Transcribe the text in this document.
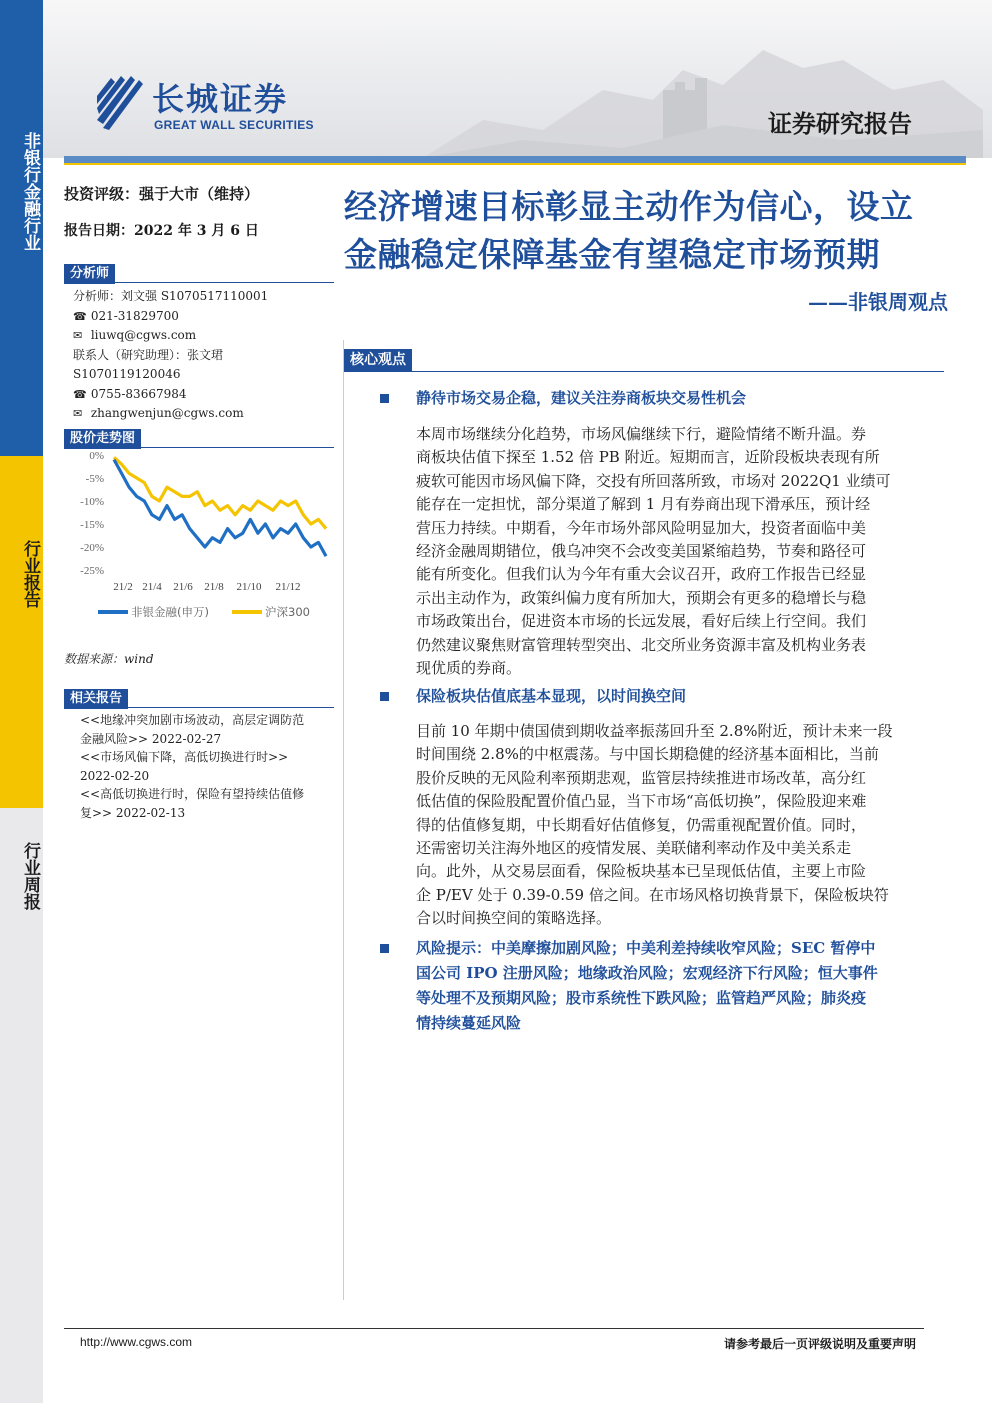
非银行金融行业
行业报告
行业周报
长城证券
GREAT WALL SECURITIES	证券研究报告
投资评级：强于大市（维持）
报告日期：2022 年 3 月 6 日
分析师
分析师：刘文强 S1070517110001
☎ 021-31829700
✉ liuwq@cgws.com
联系人（研究助理）：张文珺
S1070119120046
☎ 0755-83667984
✉ zhangwenjun@cgws.com
股价走势图
0%
-5%
-10%
-15%
-20%
-25%
21/2 21/4 21/6 21/8 21/10 21/12
非银金融(申万)	沪深300
数据来源：wind
相关报告
<<地缘冲突加剧市场波动，高层定调防范
金融风险>> 2022-02-27
<<市场风偏下降，高低切换进行时>>
2022-02-20
<<高低切换进行时，保险有望持续估值修
复>> 2022-02-13
经济增速目标彰显主动作为信心，设立
金融稳定保障基金有望稳定市场预期
——非银周观点
核心观点
静待市场交易企稳，建议关注券商板块交易性机会
本周市场继续分化趋势，市场风偏继续下行，避险情绪不断升温。券
商板块估值下探至 1.52 倍 PB 附近。短期而言，近阶段板块表现有所
疲软可能因市场风偏下降，交投有所回落所致，市场对 2022Q1 业绩可
能存在一定担忧，部分渠道了解到 1 月有券商出现下滑承压，预计经
营压力持续。中期看，今年市场外部风险明显加大，投资者面临中美
经济金融周期错位，俄乌冲突不会改变美国紧缩趋势，节奏和路径可
能有所变化。但我们认为今年有重大会议召开，政府工作报告已经显
示出主动作为，政策纠偏力度有所加大，预期会有更多的稳增长与稳
市场政策出台，促进资本市场的长远发展，看好后续上行空间。我们
仍然建议聚焦财富管理转型突出、北交所业务资源丰富及机构业务表
现优质的券商。
保险板块估值底基本显现，以时间换空间
目前 10 年期中债国债到期收益率振荡回升至 2.8%附近，预计未来一段
时间围绕 2.8%的中枢震荡。与中国长期稳健的经济基本面相比，当前
股价反映的无风险利率预期悲观，监管层持续推进市场改革，高分红
低估值的保险股配置价值凸显，当下市场“高低切换”，保险股迎来难
得的估值修复期，中长期看好估值修复，仍需重视配置价值。同时，
还需密切关注海外地区的疫情发展、美联储利率动作及中美关系走
向。此外，从交易层面看，保险板块基本已呈现低估值，主要上市险
企 P/EV 处于 0.39-0.59 倍之间。在市场风格切换背景下，保险板块符
合以时间换空间的策略选择。
风险提示：中美摩擦加剧风险；中美利差持续收窄风险；SEC 暂停中
国公司 IPO 注册风险；地缘政治风险；宏观经济下行风险；恒大事件
等处理不及预期风险；股市系统性下跌风险；监管趋严风险；肺炎疫
情持续蔓延风险
http://www.cgws.com	请参考最后一页评级说明及重要声明
